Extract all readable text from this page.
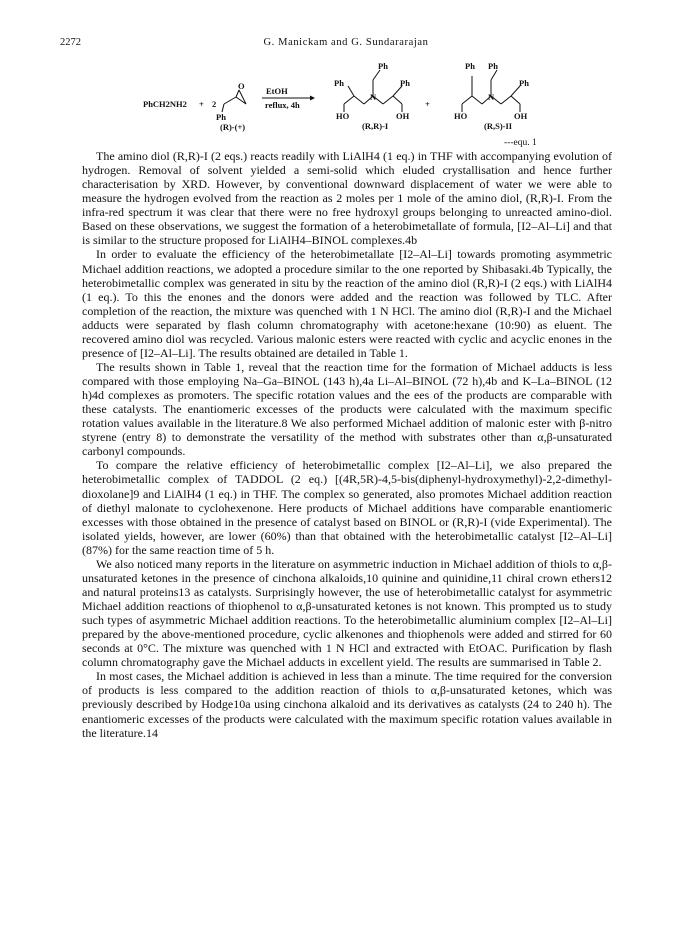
2272	G. Manickam and G. Sundararajan
PhCH2NH2 + 2
O
Ph
(R)-(+)
EtOH
reflux, 4h
Ph
Ph	Ph
N
HO	OH
(R,R)-I
+
Ph Ph
Ph
N
HO	OH
(R,S)-II
---equ. 1

The amino diol (R,R)-I (2 eqs.) reacts readily with LiAlH4 (1 eq.) in THF with accompanying evolution of hydrogen. Removal of solvent yielded a semi-solid which eluded crystallisation and hence further characterisation by XRD. However, by conventional downward displacement of water we were able to measure the hydrogen evolved from the reaction as 2 moles per 1 mole of the amino diol, (R,R)-I. From the infra-red spectrum it was clear that there were no free hydroxyl groups belonging to unreacted amino-diol. Based on these observations, we suggest the formation of a heterobimetallate of formula, [I2–Al–Li] and that is similar to the structure proposed for LiAlH4–BINOL complexes.4b

In order to evaluate the efficiency of the heterobimetallate [I2–Al–Li] towards promoting asymmetric Michael addition reactions, we adopted a procedure similar to the one reported by Shibasaki.4b Typically, the heterobimetallic complex was generated in situ by the reaction of the amino diol (R,R)-I (2 eqs.) with LiAlH4 (1 eq.). To this the enones and the donors were added and the reaction was followed by TLC. After completion of the reaction, the mixture was quenched with 1 N HCl. The amino diol (R,R)-I and the Michael adducts were separated by flash column chromatography with acetone:hexane (10:90) as eluent. The recovered amino diol was recycled. Various malonic esters were reacted with cyclic and acyclic enones in the presence of [I2–Al–Li]. The results obtained are detailed in Table 1.

The results shown in Table 1, reveal that the reaction time for the formation of Michael adducts is less compared with those employing Na–Ga–BINOL (143 h),4a Li–Al–BINOL (72 h),4b and K–La–BINOL (12 h)4d complexes as promoters. The specific rotation values and the ees of the products are comparable with these catalysts. The enantiomeric excesses of the products were calculated with the maximum specific rotation values available in the literature.8 We also performed Michael addition of malonic ester with β-nitro styrene (entry 8) to demonstrate the versatility of the method with substrates other than α,β-unsaturated carbonyl compounds.

To compare the relative efficiency of heterobimetallic complex [I2–Al–Li], we also prepared the heterobimetallic complex of TADDOL (2 eq.) [(4R,5R)-4,5-bis(diphenyl-hydroxymethyl)-2,2-dimethyl-dioxolane]9 and LiAlH4 (1 eq.) in THF. The complex so generated, also promotes Michael addition reaction of diethyl malonate to cyclohexenone. Here products of Michael additions have comparable enantiomeric excesses with those obtained in the presence of catalyst based on BINOL or (R,R)-I (vide Experimental). The isolated yields, however, are lower (60%) than that obtained with the heterobimetallic catalyst [I2–Al–Li] (87%) for the same reaction time of 5 h.

We also noticed many reports in the literature on asymmetric induction in Michael addition of thiols to α,β-unsaturated ketones in the presence of cinchona alkaloids,10 quinine and quinidine,11 chiral crown ethers12 and natural proteins13 as catalysts. Surprisingly however, the use of heterobimetallic catalyst for asymmetric Michael addition reactions of thiophenol to α,β-unsaturated ketones is not known. This prompted us to study such types of asymmetric Michael addition reactions. To the heterobimetallic aluminium complex [I2–Al–Li] prepared by the above-mentioned procedure, cyclic alkenones and thiophenols were added and stirred for 60 seconds at 0°C. The mixture was quenched with 1 N HCl and extracted with EtOAC. Purification by flash column chromatography gave the Michael adducts in excellent yield. The results are summarised in Table 2.

In most cases, the Michael addition is achieved in less than a minute. The time required for the conversion of products is less compared to the addition reaction of thiols to α,β-unsaturated ketones, which was previously described by Hodge10a using cinchona alkaloid and its derivatives as catalysts (24 to 240 h). The enantiomeric excesses of the products were calculated with the maximum specific rotation values available in the literature.14
